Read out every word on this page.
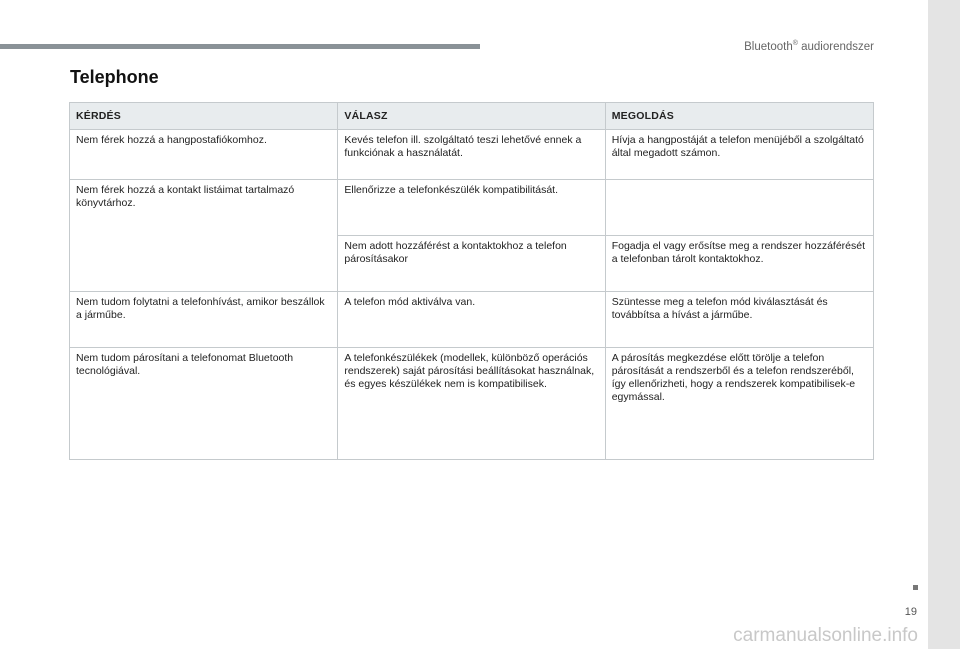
Bluetooth® audiorendszer
19
Telephone
KÉRDÉS	VÁLASZ	MEGOLDÁS
Nem férek hozzá a hangpostafiókomhoz.	Kevés telefon ill. szolgáltató teszi lehetővé ennek a funkciónak a használatát.	Hívja a hangpostáját a telefon menüjéből a szolgáltató által megadott számon.
Nem férek hozzá a kontakt listáimat tartalmazó könyvtárhoz.	Ellenőrizze a telefonkészülék kompatibilitását.	
	Nem adott hozzáférést a kontaktokhoz a telefon párosításakor	Fogadja el vagy erősítse meg a rendszer hozzáférését a telefonban tárolt kontaktokhoz.
Nem tudom folytatni a telefonhívást, amikor beszállok a járműbe.	A telefon mód aktiválva van.	Szüntesse meg a telefon mód kiválasztását és továbbítsa a hívást a járműbe.
Nem tudom párosítani a telefonomat Bluetooth tecnológiával.	A telefonkészülékek (modellek, különböző operációs rendszerek) saját párosítási beállításokat használnak, és egyes készülékek nem is kompatibilisek.	A párosítás megkezdése előtt törölje a telefon párosítását a rendszerből és a telefon rendszeréből, így ellenőrizheti, hogy a rendszerek kompatibilisek-e egymással.
carmanualsonline.info
